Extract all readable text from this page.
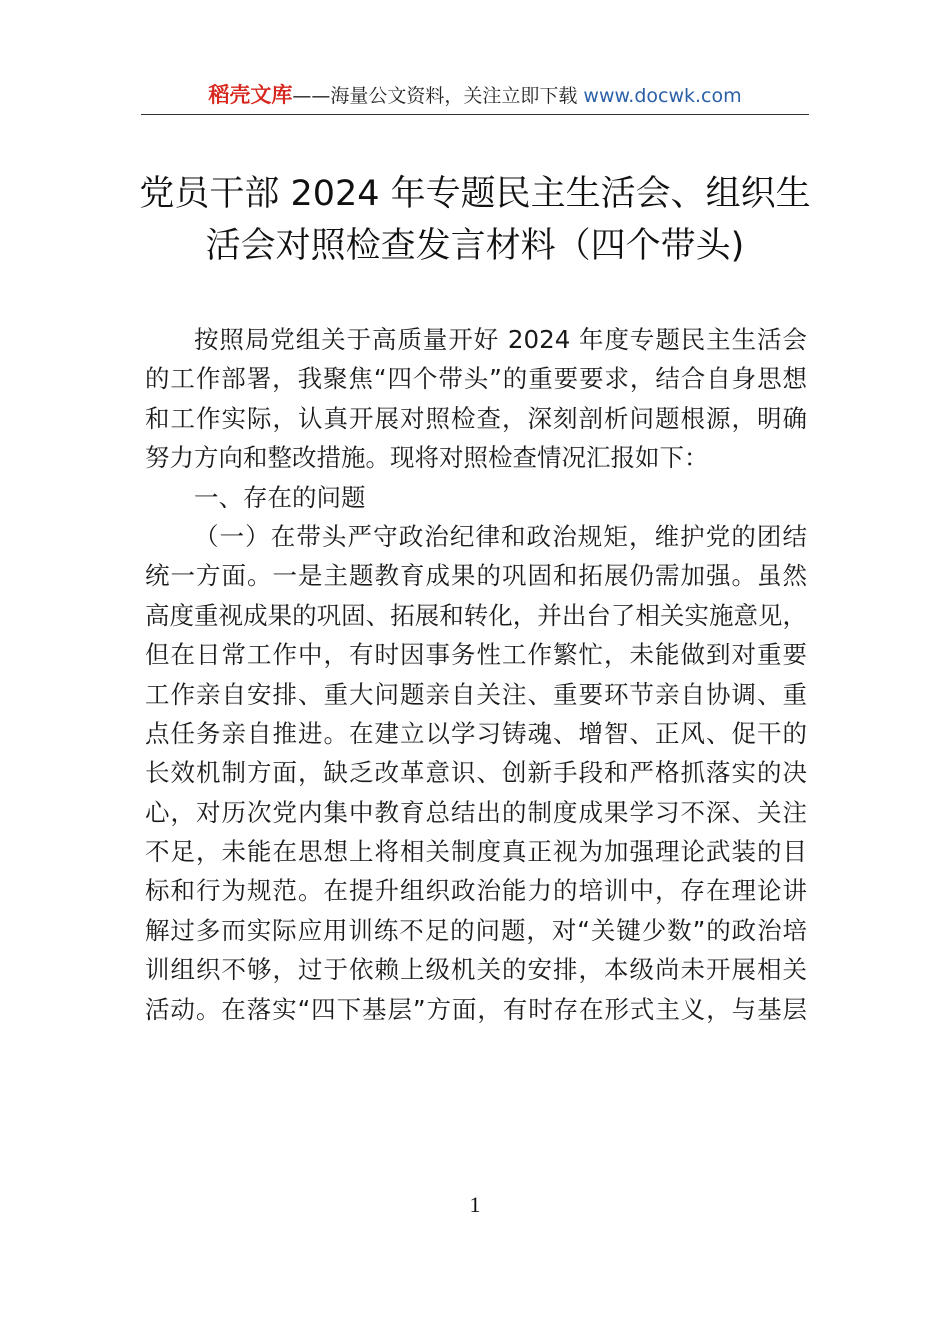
稻壳文库——海量公文资料，关注立即下载 www.docwk.com
党员干部 2024 年专题民主生活会、组织生
活会对照检查发言材料（四个带头)
按照局党组关于高质量开好 2024 年度专题民主生活会
的工作部署，我聚焦“四个带头”的重要要求，结合自身思想
和工作实际，认真开展对照检查，深刻剖析问题根源，明确
努力方向和整改措施。现将对照检查情况汇报如下：
一、存在的问题
（一）在带头严守政治纪律和政治规矩，维护党的团结
统一方面。一是主题教育成果的巩固和拓展仍需加强。虽然
高度重视成果的巩固、拓展和转化，并出台了相关实施意见，
但在日常工作中，有时因事务性工作繁忙，未能做到对重要
工作亲自安排、重大问题亲自关注、重要环节亲自协调、重
点任务亲自推进。在建立以学习铸魂、增智、正风、促干的
长效机制方面，缺乏改革意识、创新手段和严格抓落实的决
心，对历次党内集中教育总结出的制度成果学习不深、关注
不足，未能在思想上将相关制度真正视为加强理论武装的目
标和行为规范。在提升组织政治能力的培训中，存在理论讲
解过多而实际应用训练不足的问题，对“关键少数”的政治培
训组织不够，过于依赖上级机关的安排，本级尚未开展相关
活动。在落实“四下基层”方面，有时存在形式主义，与基层
1
